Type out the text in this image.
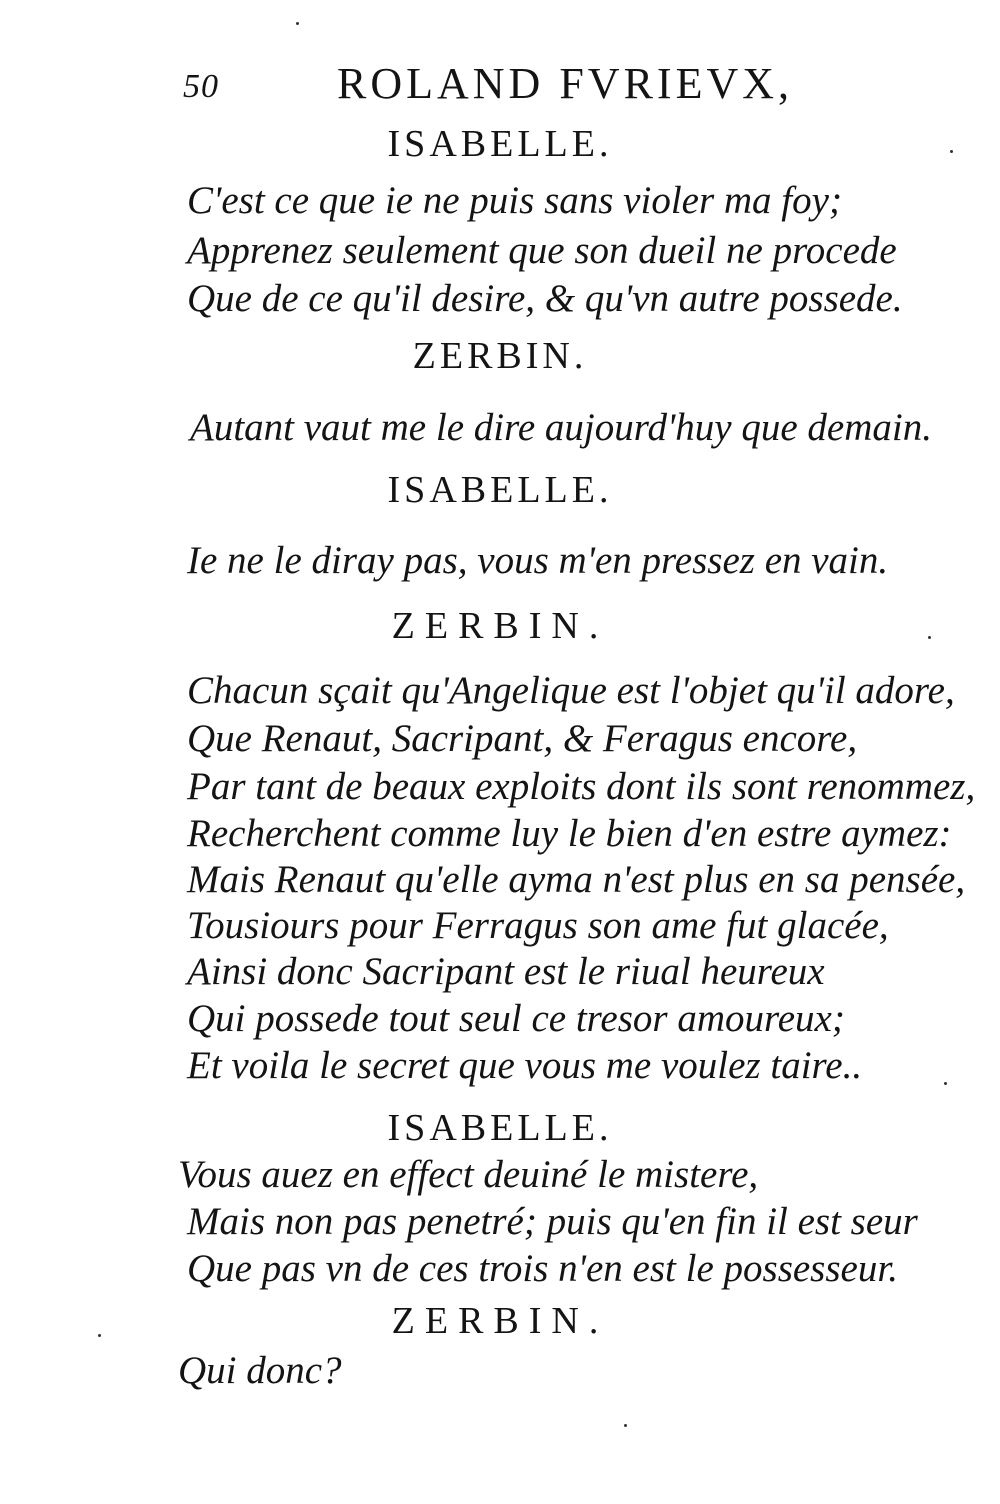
50	ROLAND FVRIEVX,
ISABELLE.
C'est ce que ie ne puis sans violer ma foy;
Apprenez seulement que son dueil ne procede
Que de ce qu'il desire, & qu'vn autre possede.
ZERBIN.
Autant vaut me le dire aujourd'huy que demain.
ISABELLE.
Ie ne le diray pas, vous m'en pressez en vain.
ZERBIN.
Chacun sçait qu'Angelique est l'objet qu'il adore,
Que Renaut, Sacripant, & Feragus encore,
Par tant de beaux exploits dont ils sont renommez,
Recherchent comme luy le bien d'en estre aymez:
Mais Renaut qu'elle ayma n'est plus en sa pensée,
Tousiours pour Ferragus son ame fut glacée,
Ainsi donc Sacripant est le riual heureux
Qui possede tout seul ce tresor amoureux;
Et voila le secret que vous me voulez taire..
ISABELLE.
Vous auez en effect deuiné le mistere,
Mais non pas penetré; puis qu'en fin il est seur
Que pas vn de ces trois n'en est le possesseur.
ZERBIN.
Qui donc?
